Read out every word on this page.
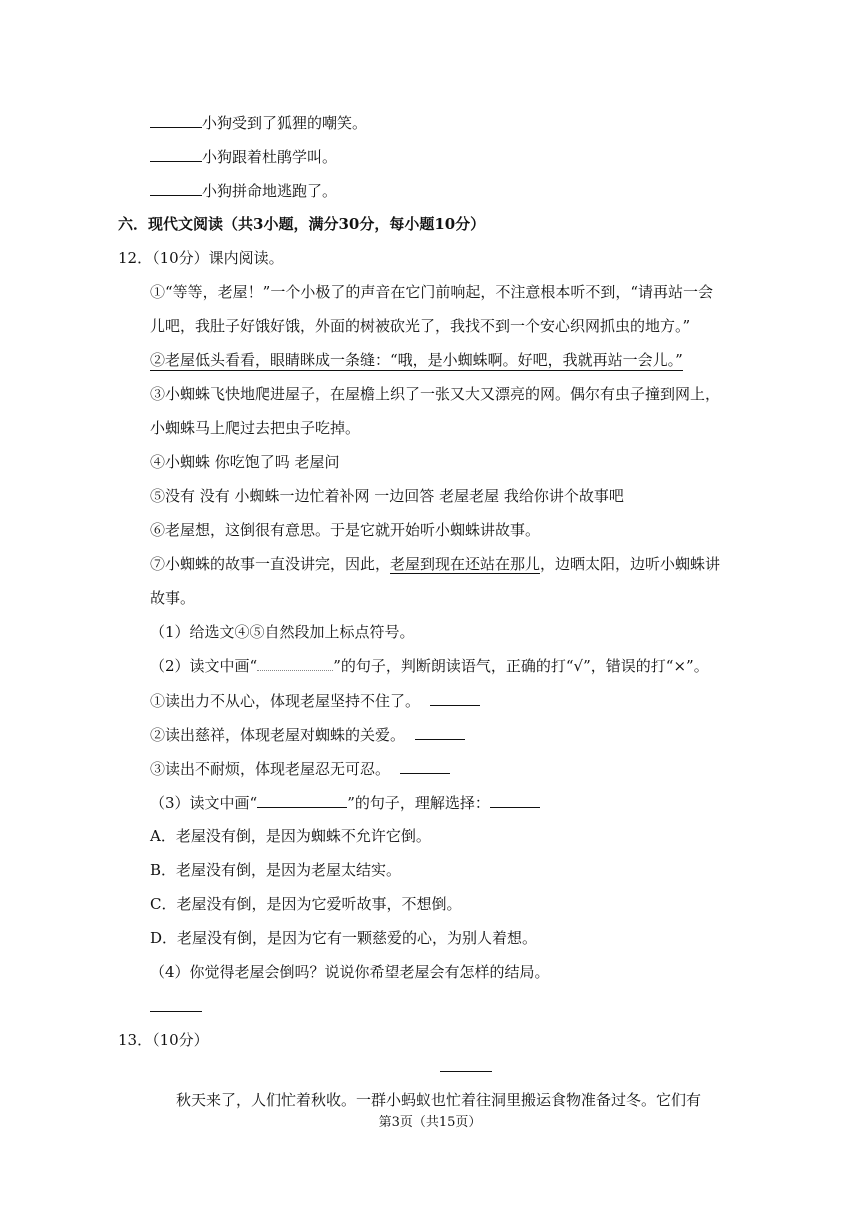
小狗受到了狐狸的嘲笑。
小狗跟着杜鹃学叫。
小狗拼命地逃跑了。
六．现代文阅读（共3小题，满分30分，每小题10分）
12．（10分）课内阅读。
①“等等，老屋！”一个小极了的声音在它门前响起，不注意根本听不到，“请再站一会
儿吧，我肚子好饿好饿，外面的树被砍光了，我找不到一个安心织网抓虫的地方。”
②老屋低头看看，眼睛眯成一条缝：“哦，是小蜘蛛啊。好吧，我就再站一会儿。”
③小蜘蛛飞快地爬进屋子，在屋檐上织了一张又大又漂亮的网。偶尔有虫子撞到网上，
小蜘蛛马上爬过去把虫子吃掉。
④小蜘蛛 你吃饱了吗 老屋问
⑤没有 没有 小蜘蛛一边忙着补网 一边回答 老屋老屋 我给你讲个故事吧
⑥老屋想，这倒很有意思。于是它就开始听小蜘蛛讲故事。
⑦小蜘蛛的故事一直没讲完，因此，老屋到现在还站在那儿，边晒太阳，边听小蜘蛛讲
故事。
（1）给选文④⑤自然段加上标点符号。
（2）读文中画“	”的句子，判断朗读语气，正确的打“√”，错误的打“×”。
①读出力不从心，体现老屋坚持不住了。
②读出慈祥，体现老屋对蜘蛛的关爱。
③读出不耐烦，体现老屋忍无可忍。
（3）读文中画“	”的句子，理解选择：
A．老屋没有倒，是因为蜘蛛不允许它倒。
B．老屋没有倒，是因为老屋太结实。
C．老屋没有倒，是因为它爱听故事，不想倒。
D．老屋没有倒，是因为它有一颗慈爱的心，为别人着想。
（4）你觉得老屋会倒吗？说说你希望老屋会有怎样的结局。
13．（10分）
秋天来了，人们忙着秋收。一群小蚂蚁也忙着往洞里搬运食物准备过冬。它们有
第3页（共15页）
